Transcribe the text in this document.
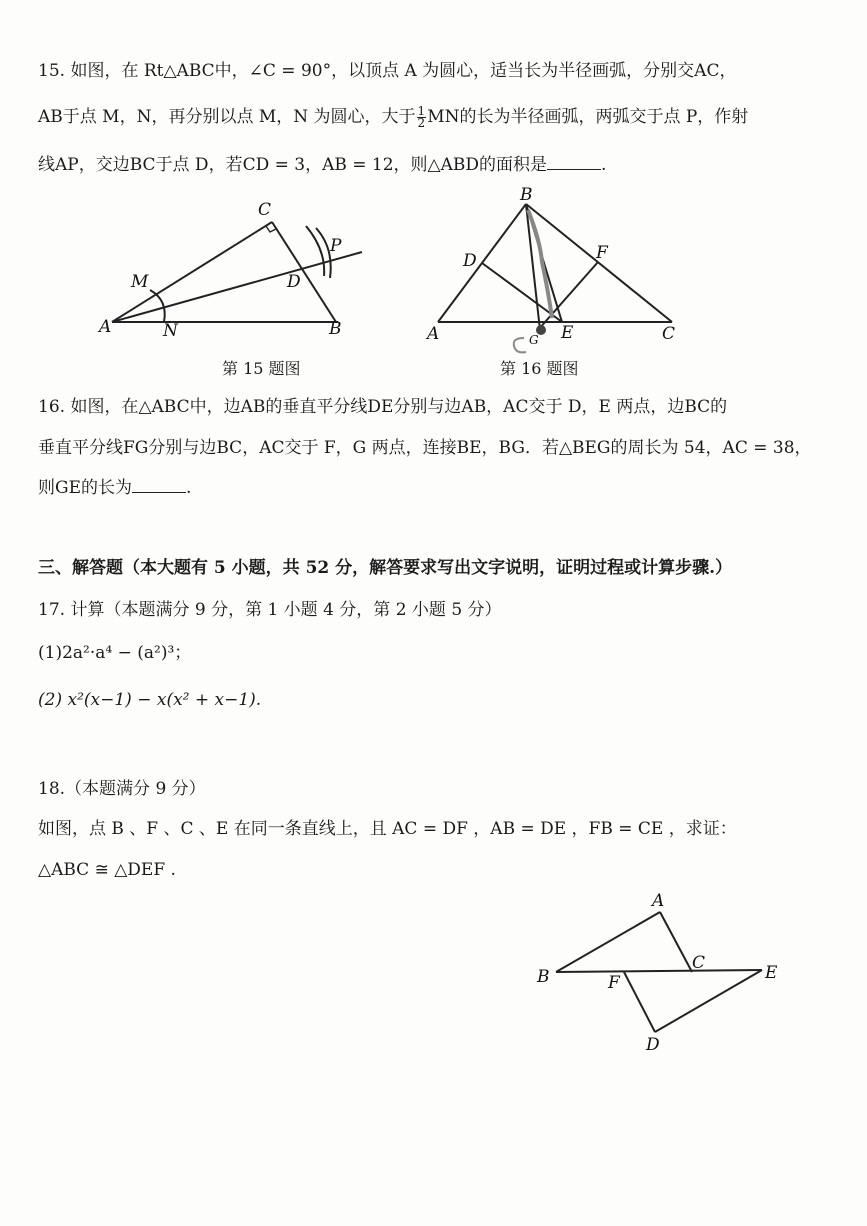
15. 如图，在 Rt△ABC中，∠C = 90°，以顶点 A 为圆心，适当长为半径画弧，分别交AC，
AB于点 M，N，再分别以点 M，N 为圆心，大于 $\frac{1}{2}$ MN的长为半径画弧，两弧交于点 P，作射
线AP，交边BC于点 D，若CD = 3，AB = 12，则△ABD的面积是	.
A	B
C
D
M
N
P
第 15 题图
A
B
C
D
E
F
G
第 16 题图
16. 如图，在△ABC中，边AB的垂直平分线DE分别与边AB，AC交于 D，E 两点，边BC的
垂直平分线FG分别与边BC，AC交于 F，G 两点，连接BE，BG．若△BEG的周长为 54，AC = 38，
则GE的长为	.
三、解答题（本大题有 5 小题，共 52 分，解答要求写出文字说明，证明过程或计算步骤.）
17. 计算（本题满分 9 分，第 1 小题 4 分，第 2 小题 5 分）
(1)2a²·a⁴ − (a²)³；
(2) x²(x−1) − x(x² + x−1).
18.（本题满分 9 分）
如图，点 B 、F 、C 、E 在同一条直线上，且 AC = DF ，AB = DE ，FB = CE ，求证：
△ABC ≅ △DEF .
A
B
C
D
E
F
